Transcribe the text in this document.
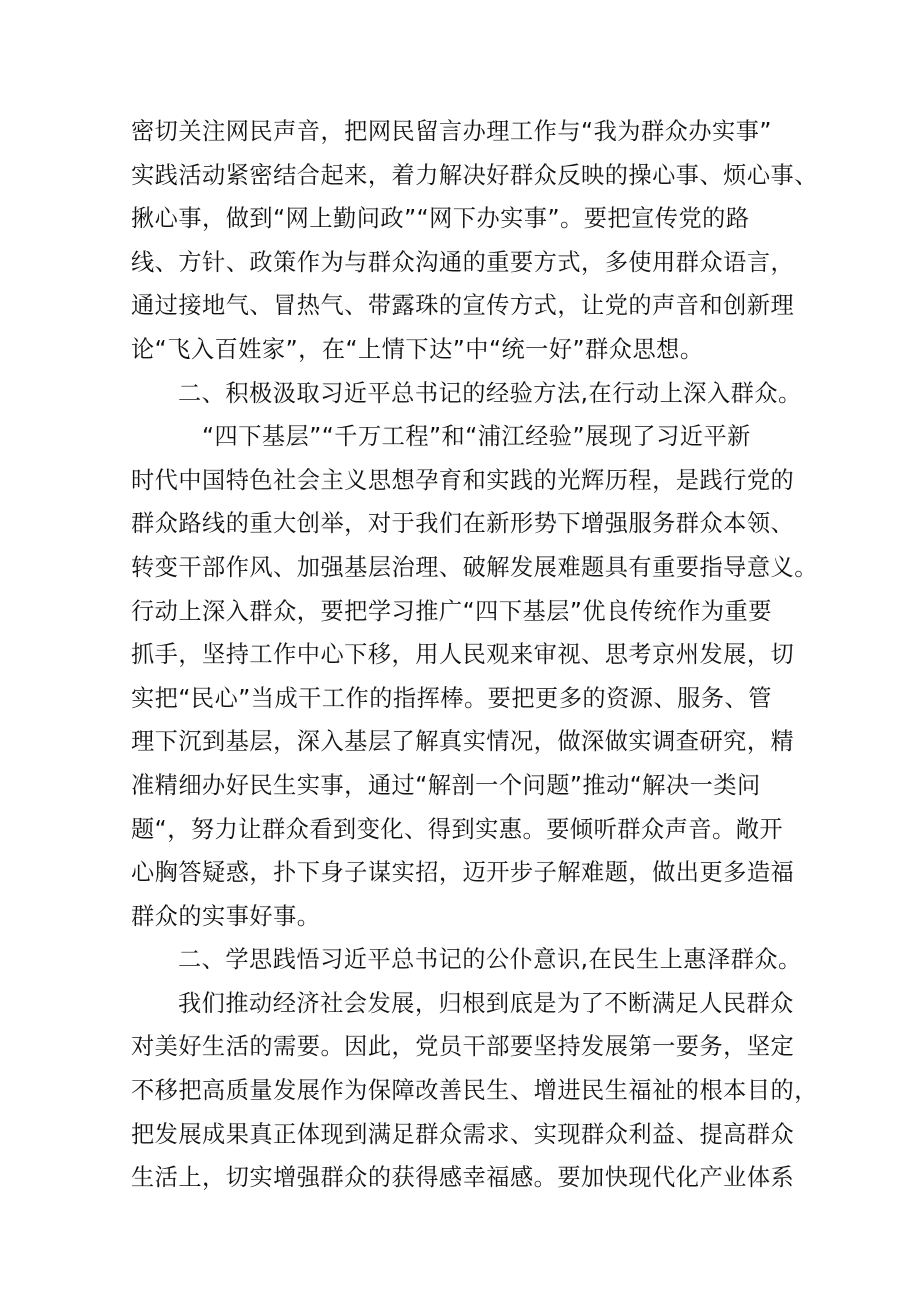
密切关注网民声音，把网民留言办理工作与“我为群众办实事”
实践活动紧密结合起来，着力解决好群众反映的操心事、烦心事、
揪心事，做到“网上勤问政”“网下办实事”。要把宣传党的路
线、方针、政策作为与群众沟通的重要方式，多使用群众语言，
通过接地气、冒热气、带露珠的宣传方式，让党的声音和创新理
论“飞入百姓家”，在“上情下达”中“统一好”群众思想。
二、积极汲取习近平总书记的经验方法,在行动上深入群众。
“四下基层”“千万工程”和“浦江经验”展现了习近平新
时代中国特色社会主义思想孕育和实践的光辉历程，是践行党的
群众路线的重大创举，对于我们在新形势下增强服务群众本领、
转变干部作风、加强基层治理、破解发展难题具有重要指导意义。
行动上深入群众，要把学习推广“四下基层”优良传统作为重要
抓手，坚持工作中心下移，用人民观来审视、思考京州发展，切
实把“民心”当成干工作的指挥棒。要把更多的资源、服务、管
理下沉到基层，深入基层了解真实情况，做深做实调查研究，精
准精细办好民生实事，通过“解剖一个问题”推动“解决一类问
题“，努力让群众看到变化、得到实惠。要倾听群众声音。敞开
心胸答疑惑，扑下身子谋实招，迈开步子解难题，做出更多造福
群众的实事好事。
二、学思践悟习近平总书记的公仆意识,在民生上惠泽群众。
我们推动经济社会发展，归根到底是为了不断满足人民群众
对美好生活的需要。因此，党员干部要坚持发展第一要务，坚定
不移把高质量发展作为保障改善民生、增进民生福祉的根本目的，
把发展成果真正体现到满足群众需求、实现群众利益、提高群众
生活上，切实增强群众的获得感幸福感。要加快现代化产业体系
